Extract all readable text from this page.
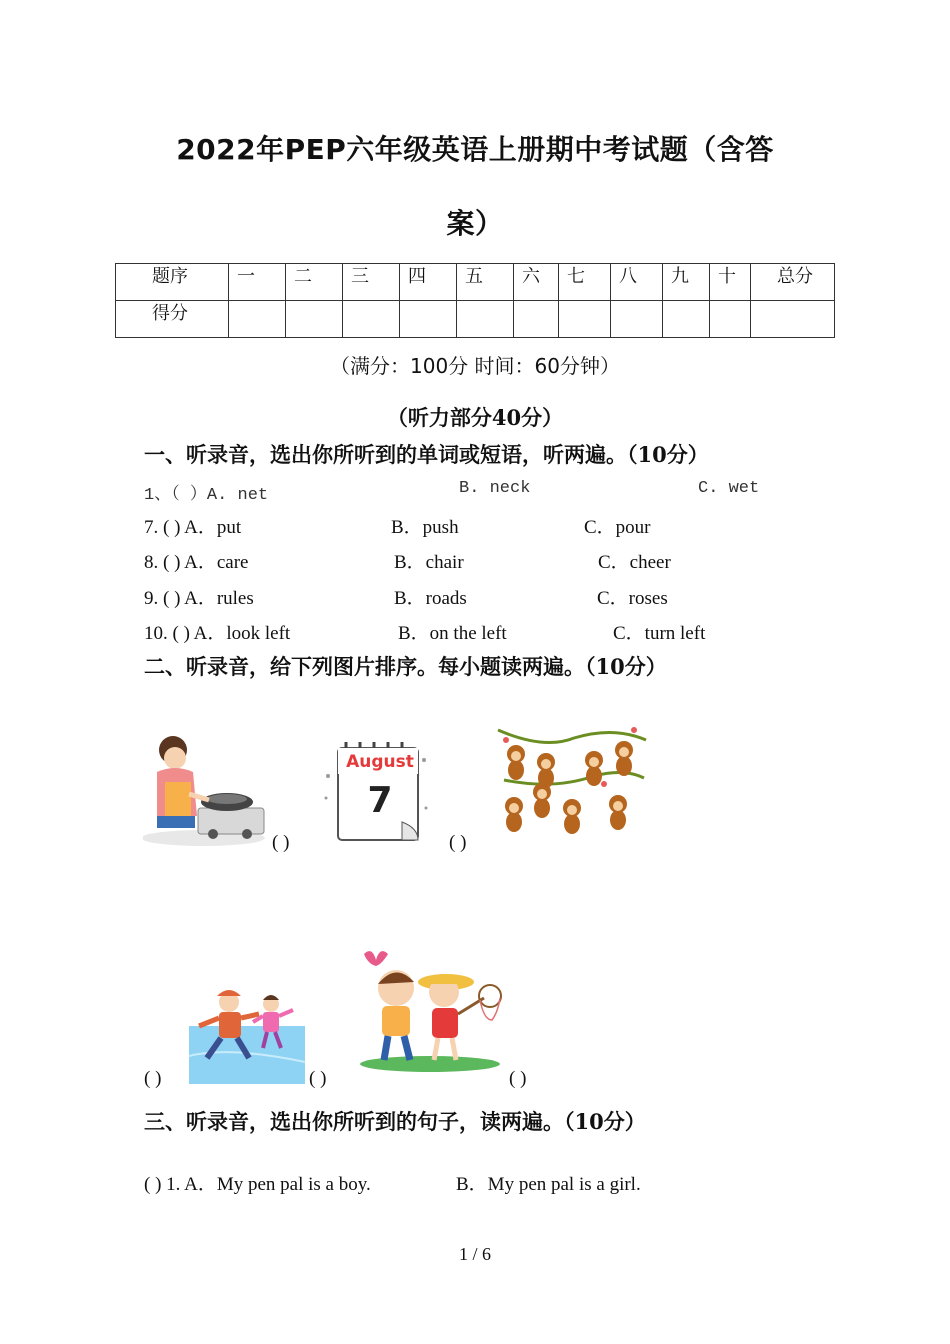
2022年PEP六年级英语上册期中考试题（含答
案）
题序	一	二	三	四	五	六	七	八	九	十	总分
得分											
（满分：100分 时间：60分钟）
（听力部分40分）
一、听录音，选出你所听到的单词或短语，听两遍。（10分）
1、（ ）A. net	B. neck	C. wet
7. ( ) A．put	B．push	C．pour
8. ( ) A．care	B．chair	C．cheer
9. ( ) A．rules	B．roads	C．roses
10. ( ) A．look left	B．on the left	C．turn left
二、听录音，给下列图片排序。每小题读两遍。（10分）
( )
August
7
( )
( )	( )	( )
三、听录音，选出你所听到的句子，读两遍。（10分）
( ) 1. A．My pen pal is a boy.	B．My pen pal is a girl.
1 / 6
